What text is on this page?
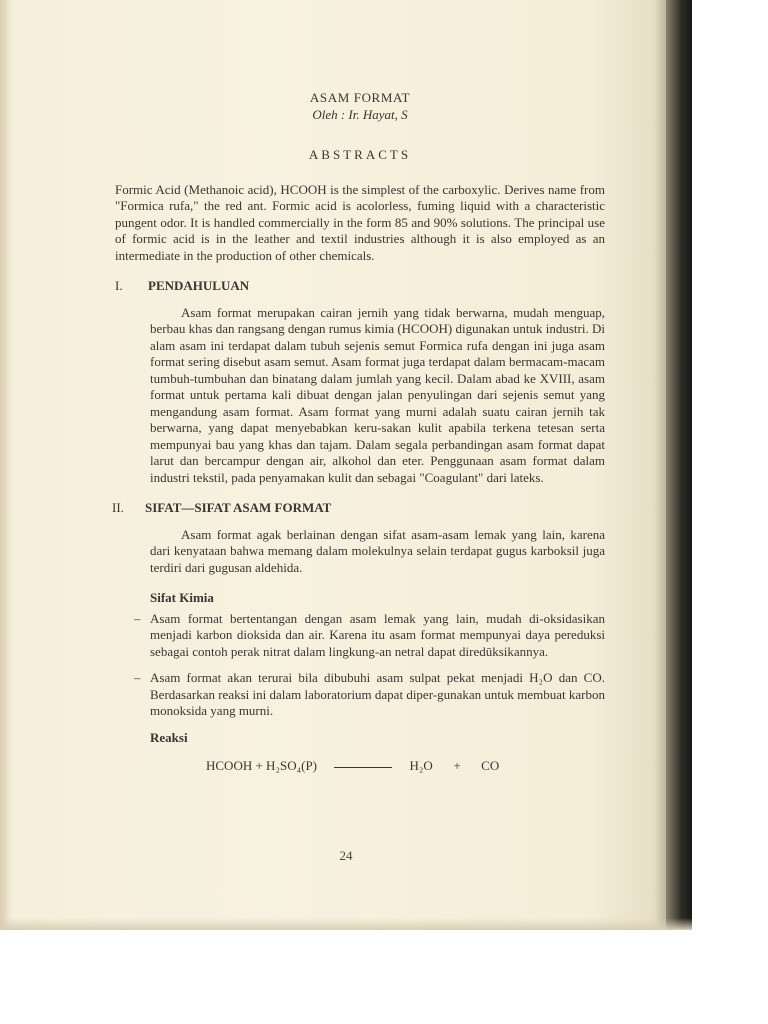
ASAM FORMAT

Oleh : Ir. Hayat, S

ABSTRACTS

Formic Acid (Methanoic acid), HCOOH is the simplest of the carboxylic. Derives name from "Formica rufa," the red ant. Formic acid is acolorless, fuming liquid with a characteristic pungent odor. It is handled commercially in the form 85 and 90% solutions. The principal use of formic acid is in the leather and textil industries although it is also employed as an intermediate in the production of other chemicals.

I.	PENDAHULUAN

Asam format merupakan cairan jernih yang tidak berwarna, mudah menguap, berbau khas dan rangsang dengan rumus kimia (HCOOH) digunakan untuk industri. Di alam asam ini terdapat dalam tubuh sejenis semut Formica rufa dengan ini juga asam format sering disebut asam semut. Asam format juga terdapat dalam bermacam-macam tumbuh-tumbuhan dan binatang dalam jumlah yang kecil. Dalam abad ke XVIII, asam format untuk pertama kali dibuat dengan jalan penyulingan dari sejenis semut yang mengandung asam format. Asam format yang murni adalah suatu cairan jernih tak berwarna, yang dapat menyebabkan keru-sakan kulit apabila terkena tetesan serta mempunyai bau yang khas dan tajam. Dalam segala perbandingan asam format dapat larut dan bercampur dengan air, alkohol dan eter. Penggunaan asam format dalam industri tekstil, pada penyamakan kulit dan sebagai "Coagulant" dari lateks.

II.	SIFAT—SIFAT ASAM FORMAT

Asam format agak berlainan dengan sifat asam-asam lemak yang lain, karena dari kenyataan bahwa memang dalam molekulnya selain terdapat gugus karboksil juga terdiri dari gugusan aldehida.

Sifat Kimia

– Asam format bertentangan dengan asam lemak yang lain, mudah di-oksidasikan menjadi karbon dioksida dan air. Karena itu asam format mempunyai daya pereduksi sebagai contoh perak nitrat dalam lingkung-an netral dapat diredūksikannya.
– Asam format akan terurai bila dibubuhi asam sulpat pekat menjadi H₂O dan CO. Berdasarkan reaksi ini dalam laboratorium dapat diper-gunakan untuk membuat karbon monoksida yang murni.

Reaksi

HCOOH + H₂SO₄(P)	H₂O + CO
24
